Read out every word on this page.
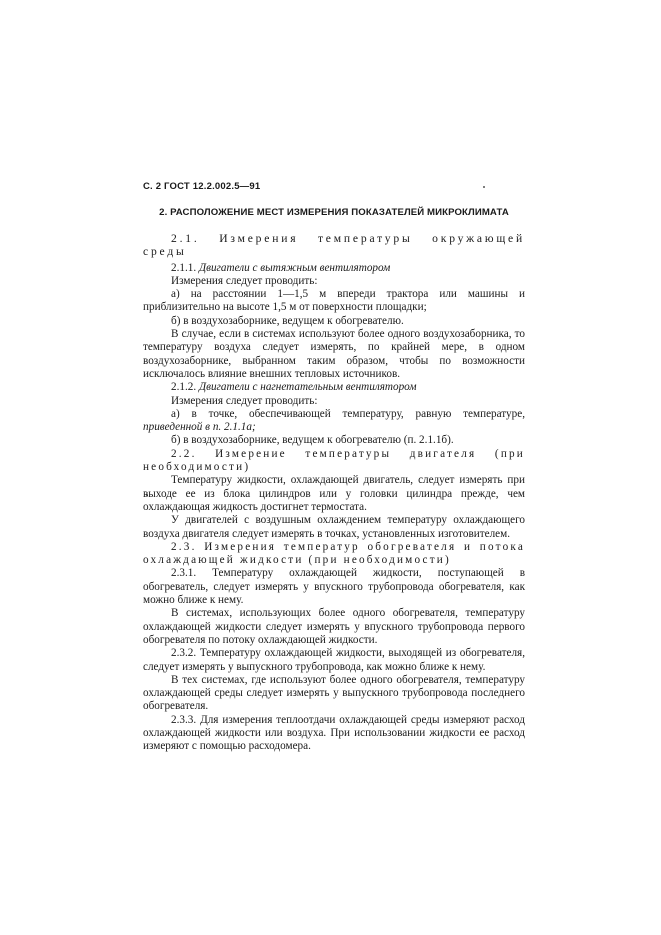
С. 2 ГОСТ 12.2.002.5—91
2. РАСПОЛОЖЕНИЕ МЕСТ ИЗМЕРЕНИЯ ПОКАЗАТЕЛЕЙ МИКРОКЛИМАТА

2.1. Измерения температуры окружающей среды

2.1.1. Двигатели с вытяжным вентилятором

Измерения следует проводить:

а) на расстоянии 1—1,5 м впереди трактора или машины и приблизительно на высоте 1,5 м от поверхности площадки;

б) в воздухозаборнике, ведущем к обогревателю.

В случае, если в системах используют более одного воздухозаборника, то температуру воздуха следует измерять, по крайней мере, в одном воздухозаборнике, выбранном таким образом, чтобы по возможности исключалось влияние внешних тепловых источников.

2.1.2. Двигатели с нагнетательным вентилятором

Измерения следует проводить:

а) в точке, обеспечивающей температуру, равную температуре, приведенной в п. 2.1.1а;

б) в воздухозаборнике, ведущем к обогревателю (п. 2.1.1б).

2.2. Измерение температуры двигателя (при необходимости)

Температуру жидкости, охлаждающей двигатель, следует измерять при выходе ее из блока цилиндров или у головки цилиндра прежде, чем охлаждающая жидкость достигнет термостата.

У двигателей с воздушным охлаждением температуру охлаждающего воздуха двигателя следует измерять в точках, установленных изготовителем.

2.3. Измерения температур обогревателя и потока охлаждающей жидкости (при необходимости)

2.3.1. Температуру охлаждающей жидкости, поступающей в обогреватель, следует измерять у впускного трубопровода обогревателя, как можно ближе к нему.

В системах, использующих более одного обогревателя, температуру охлаждающей жидкости следует измерять у впускного трубопровода первого обогревателя по потоку охлаждающей жидкости.

2.3.2. Температуру охлаждающей жидкости, выходящей из обогревателя, следует измерять у выпускного трубопровода, как можно ближе к нему.

В тех системах, где используют более одного обогревателя, температуру охлаждающей среды следует измерять у выпускного трубопровода последнего обогревателя.

2.3.3. Для измерения теплоотдачи охлаждающей среды измеряют расход охлаждающей жидкости или воздуха. При использовании жидкости ее расход измеряют с помощью расходомера.
